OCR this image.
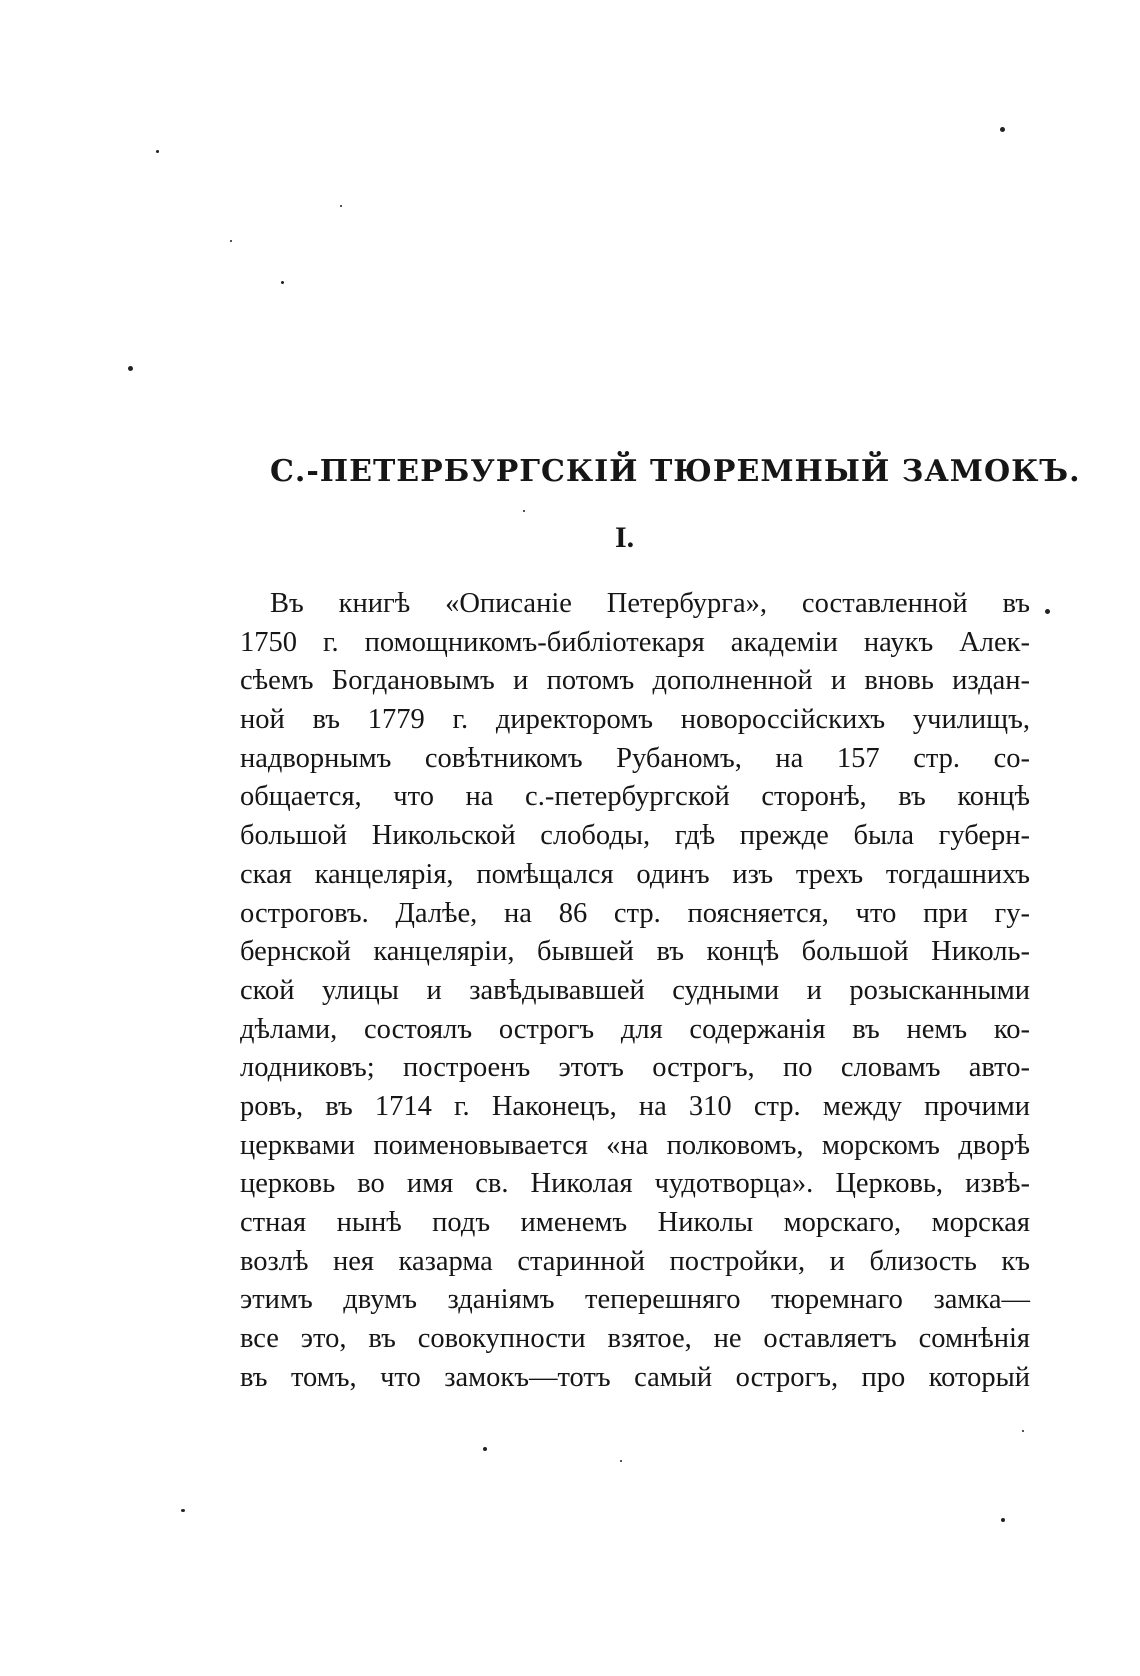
С.-ПЕТЕРБУРГСКІЙ ТЮРЕМНЫЙ ЗАМОКЪ.
I.
Въ книгѣ «Описаніе Петербурга», составленной въ
1750 г. помощникомъ-библіотекаря академіи наукъ Алек-
сѣемъ Богдановымъ и потомъ дополненной и вновь издан-
ной въ 1779 г. директоромъ новороссійскихъ училищъ,
надворнымъ совѣтникомъ Рубаномъ, на 157 стр. со-
общается, что на с.-петербургской сторонѣ, въ концѣ
большой Никольской слободы, гдѣ прежде была губерн-
ская канцелярія, помѣщался одинъ изъ трехъ тогдашнихъ
остроговъ. Далѣе, на 86 стр. поясняется, что при гу-
бернской канцеляріи, бывшей въ концѣ большой Николь-
ской улицы и завѣдывавшей судными и розысканными
дѣлами, состоялъ острогъ для содержанія въ немъ ко-
лодниковъ; построенъ этотъ острогъ, по словамъ авто-
ровъ, въ 1714 г. Наконецъ, на 310 стр. между прочими
церквами поименовывается «на полковомъ, морскомъ дворѣ
церковь во имя св. Николая чудотворца». Церковь, извѣ-
стная нынѣ подъ именемъ Николы морскаго, морская
возлѣ нея казарма старинной постройки, и близость къ
этимъ двумъ зданіямъ теперешняго тюремнаго замка—
все это, въ совокупности взятое, не оставляетъ сомнѣнія
въ томъ, что замокъ—тотъ самый острогъ, про который
